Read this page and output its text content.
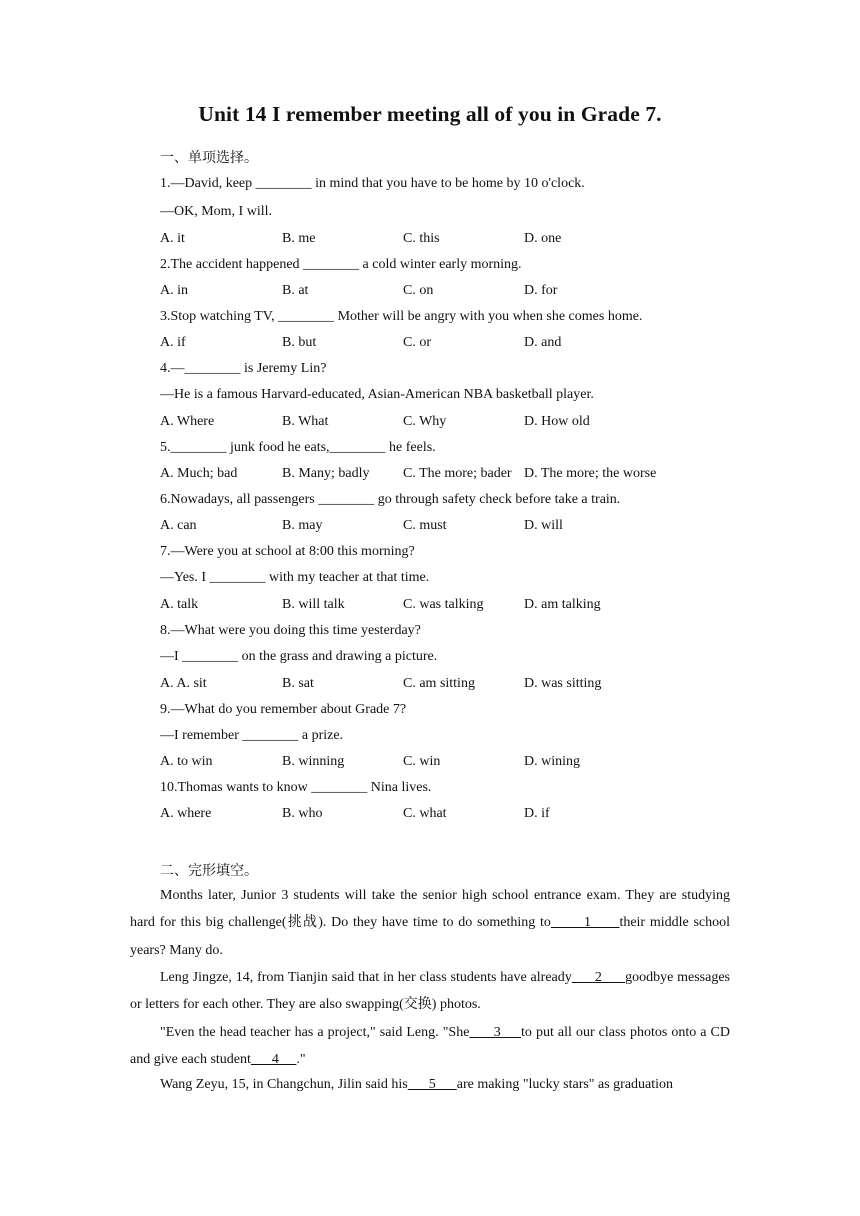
Unit 14 I remember meeting all of you in Grade 7.
一、单项选择。
1.—David, keep ________ in mind that you have to be home by 10 o'clock.
—OK, Mom, I will.
A. it	B. me	C. this	D. one
2.The accident happened ________ a cold winter early morning.
A. in	B. at	C. on	D. for
3.Stop watching TV, ________ Mother will be angry with you when she comes home.
A. if	B. but	C. or	D. and
4.—________ is Jeremy Lin?
—He is a famous Harvard-educated, Asian-American NBA basketball player.
A. Where	B. What	C. Why	D. How old
5.________ junk food he eats,________ he feels.
A. Much; bad	B. Many; badly C. The more; bader D. The more; the worse
6.Nowadays, all passengers ________ go through safety check before take a train.
A. can	B. may	C. must	D. will
7.—Were you at school at 8:00 this morning?
—Yes. I ________ with my teacher at that time.
A. talk	B. will talk	C. was talking	D. am talking
8.—What were you doing this time yesterday?
—I ________ on the grass and drawing a picture.
A. A. sit	B. sat	C. am sitting	D. was sitting
9.—What do you remember about Grade 7?
—I remember ________ a prize.
A. to win	B. winning	C. win	D. wining
10.Thomas wants to know ________ Nina lives.
A. where	B. who	C. what	D. if
二、完形填空。
Months later, Junior 3 students will take the senior high school entrance exam. They are studying hard for this big challenge(挑战). Do they have time to do something to       1      their middle school years? Many do.
Leng Jingze, 14, from Tianjin said that in her class students have already      2      goodbye messages or letters for each other. They are also swapping(交换) photos.
"Even the head teacher has a project," said Leng. "She      3     to put all our class photos onto a CD and give each student      4     ."
Wang Zeyu, 15, in Changchun, Jilin said his      5      are making "lucky stars" as graduation
